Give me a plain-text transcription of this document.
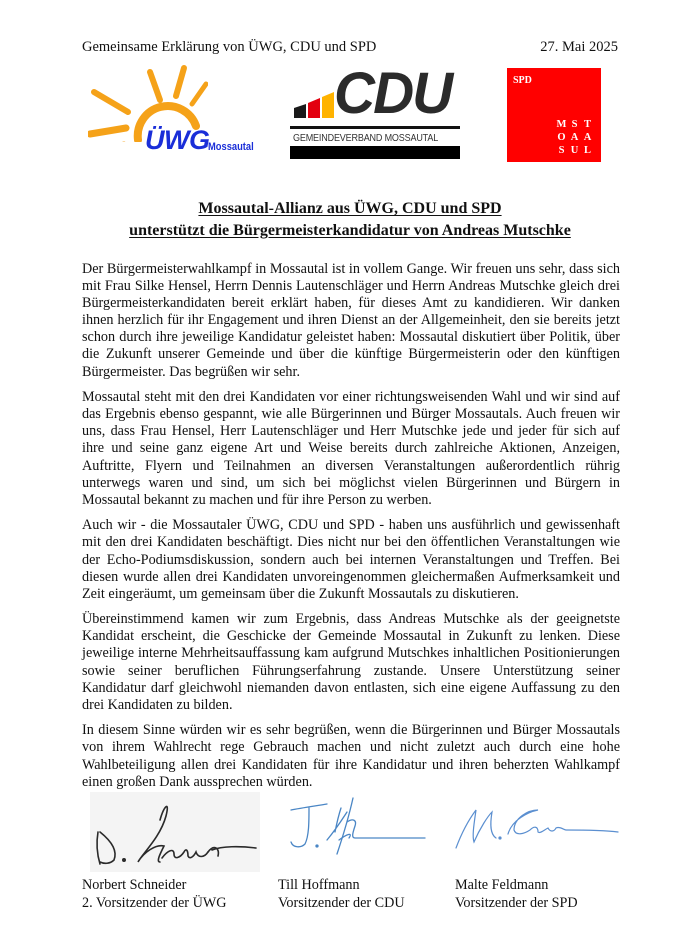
Gemeinsame Erklärung von ÜWG, CDU und SPD	27. Mai 2025
ÜWG
Mossautal
CDU
GEMEINDEVERBAND MOSSAUTAL
SPD
M S T
O A A
S U L
Mossautal-Allianz aus ÜWG, CDU und SPD
unterstützt die Bürgermeisterkandidatur von Andreas Mutschke

Der Bürgermeisterwahlkampf in Mossautal ist in vollem Gange. Wir freuen uns sehr, dass sich mit Frau Silke Hensel, Herrn Dennis Lautenschläger und Herrn Andreas Mutschke gleich drei Bürgermeisterkandidaten bereit erklärt haben, für dieses Amt zu kandidieren. Wir danken ihnen herzlich für ihr Engagement und ihren Dienst an der Allgemeinheit, den sie bereits jetzt schon durch ihre jeweilige Kandidatur geleistet haben: Mossautal diskutiert über Politik, über die Zukunft unserer Gemeinde und über die künftige Bürgermeisterin oder den künftigen Bürgermeister. Das begrüßen wir sehr.

Mossautal steht mit den drei Kandidaten vor einer richtungsweisenden Wahl und wir sind auf das Ergebnis ebenso gespannt, wie alle Bürgerinnen und Bürger Mossautals. Auch freuen wir uns, dass Frau Hensel, Herr Lautenschläger und Herr Mutschke jede und jeder für sich auf ihre und seine ganz eigene Art und Weise bereits durch zahlreiche Aktionen, Anzeigen, Auftritte, Flyern und Teilnahmen an diversen Veranstaltungen außerordentlich rührig unterwegs waren und sind, um sich bei möglichst vielen Bürgerinnen und Bürgern in Mossautal bekannt zu machen und für ihre Person zu werben.

Auch wir - die Mossautaler ÜWG, CDU und SPD - haben uns ausführlich und gewissenhaft mit den drei Kandidaten beschäftigt. Dies nicht nur bei den öffentlichen Veranstaltungen wie der Echo-Podiumsdiskussion, sondern auch bei internen Veranstaltungen und Treffen. Bei diesen wurde allen drei Kandidaten unvoreingenommen gleichermaßen Aufmerksamkeit und Zeit eingeräumt, um gemeinsam über die Zukunft Mossautals zu diskutieren.

Übereinstimmend kamen wir zum Ergebnis, dass Andreas Mutschke als der geeignetste Kandidat erscheint, die Geschicke der Gemeinde Mossautal in Zukunft zu lenken. Diese jeweilige interne Mehrheitsauffassung kam aufgrund Mutschkes inhaltlichen Positionierungen sowie seiner beruflichen Führungserfahrung zustande. Unsere Unterstützung seiner Kandidatur darf gleichwohl niemanden davon entlasten, sich eine eigene Auffassung zu den drei Kandidaten zu bilden.

In diesem Sinne würden wir es sehr begrüßen, wenn die Bürgerinnen und Bürger Mossautals von ihrem Wahlrecht rege Gebrauch machen und nicht zuletzt auch durch eine hohe Wahlbeteiligung allen drei Kandidaten für ihre Kandidatur und ihren beherzten Wahlkampf einen großen Dank aussprechen würden.

Norbert Schneider
2. Vorsitzender der ÜWG
Till Hoffmann
Vorsitzender der CDU
Malte Feldmann
Vorsitzender der SPD
